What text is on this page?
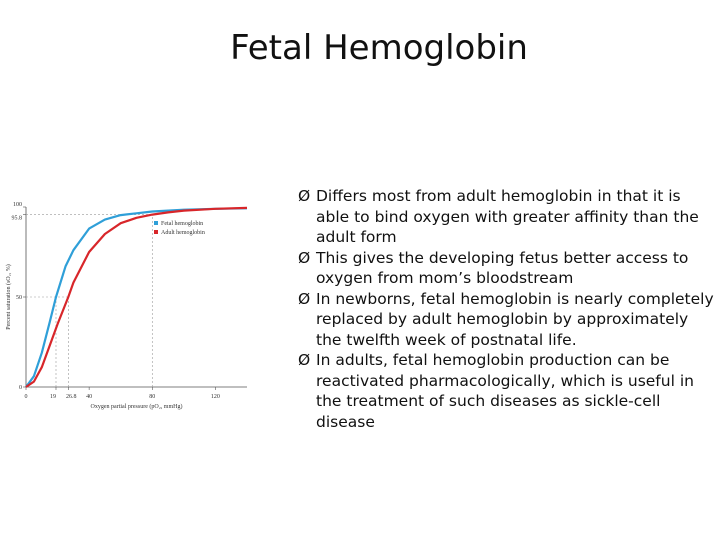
Fetal Hemoglobin
0	19 26.8 40	80	120
0
50
95.8
100
Oxygen partial pressure (pO₂, mmHg)
Percent saturation (sO₂, %)
Fetal hemoglobin
Adult hemoglobin
Ø Differs most from adult hemoglobin in that it is able to bind oxygen with greater affinity than the adult form
Ø This gives the developing fetus better access to oxygen from mom’s bloodstream
Ø In newborns, fetal hemoglobin is nearly completely replaced by adult hemoglobin by approximately the twelfth week of postnatal life.
Ø In adults, fetal hemoglobin production can be reactivated pharmacologically, which is useful in the treatment of such diseases as sickle-cell disease
